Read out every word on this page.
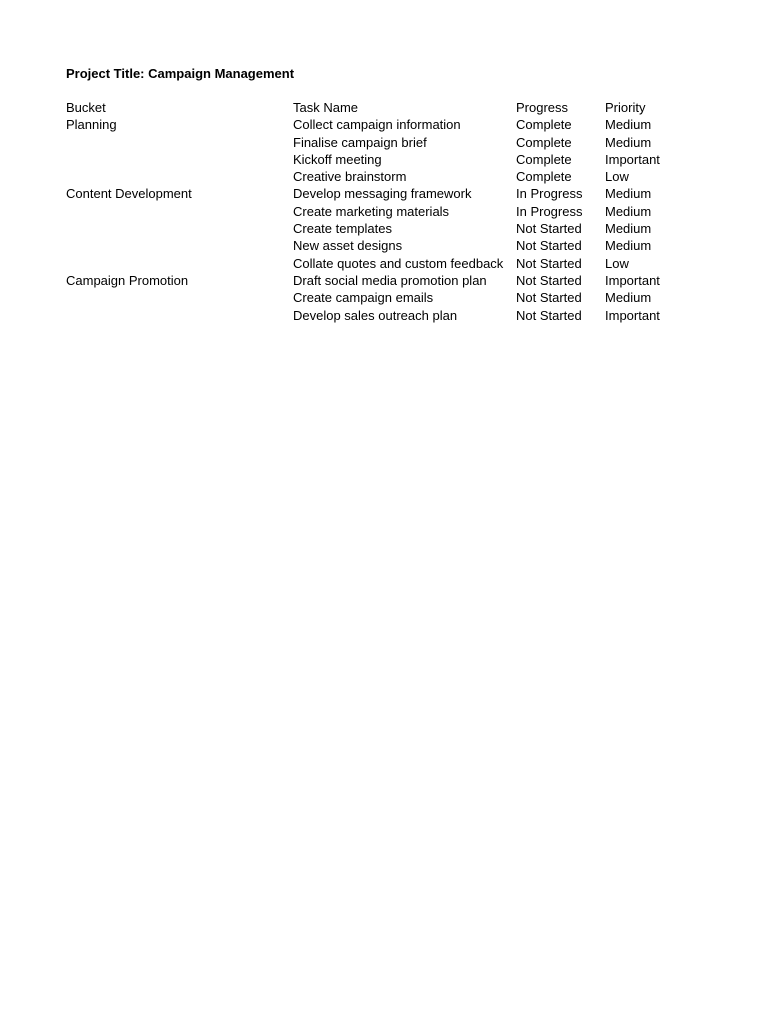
Project Title: Campaign Management
Bucket	Task Name	Progress	Priority
Planning	Collect campaign information	Complete	Medium
	Finalise campaign brief	Complete	Medium
	Kickoff meeting	Complete	Important
	Creative brainstorm	Complete	Low
Content Development	Develop messaging framework	In Progress	Medium
	Create marketing materials	In Progress	Medium
	Create templates	Not Started	Medium
	New asset designs	Not Started	Medium
	Collate quotes and custom feedback	Not Started	Low
Campaign Promotion	Draft social media promotion plan	Not Started	Important
	Create campaign emails	Not Started	Medium
	Develop sales outreach plan	Not Started	Important
